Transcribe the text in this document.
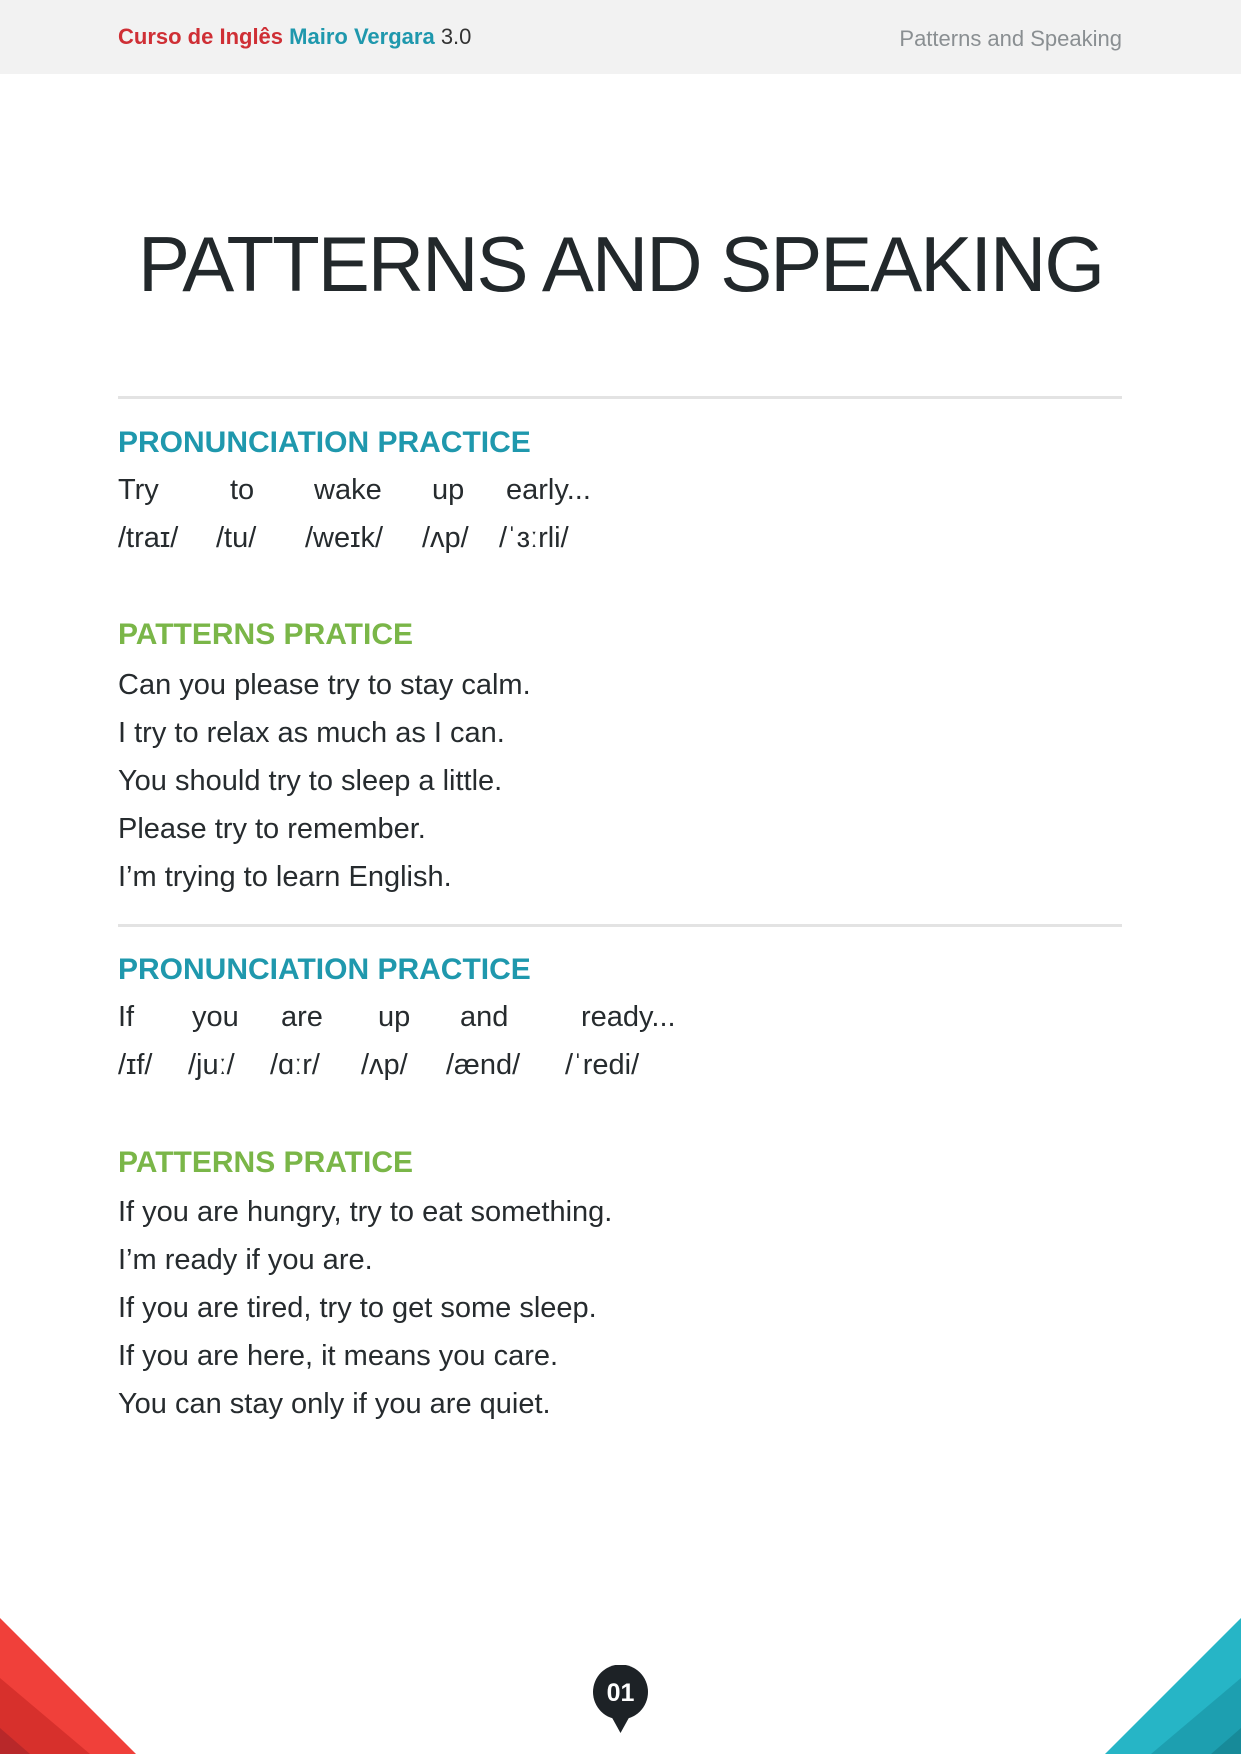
Curso de Inglês Mairo Vergara 3.0	Patterns and Speaking
PATTERNS AND SPEAKING
PRONUNCIATION PRACTICE
Try to wake up early...
/traɪ/ /tu/ /weɪk/ /ʌp/ /ˈɜːrli/
PATTERNS PRATICE
Can you please try to stay calm.
I try to relax as much as I can.
You should try to sleep a little.
Please try to remember.
I’m trying to learn English.
PRONUNCIATION PRACTICE
If you are up and	ready...
/ɪf/ /juː/ /ɑːr/ /ʌp/ /ænd/ /ˈredi/
PATTERNS PRATICE
If you are hungry, try to eat something.
I’m ready if you are.
If you are tired, try to get some sleep.
If you are here, it means you care.
You can stay only if you are quiet.
01
